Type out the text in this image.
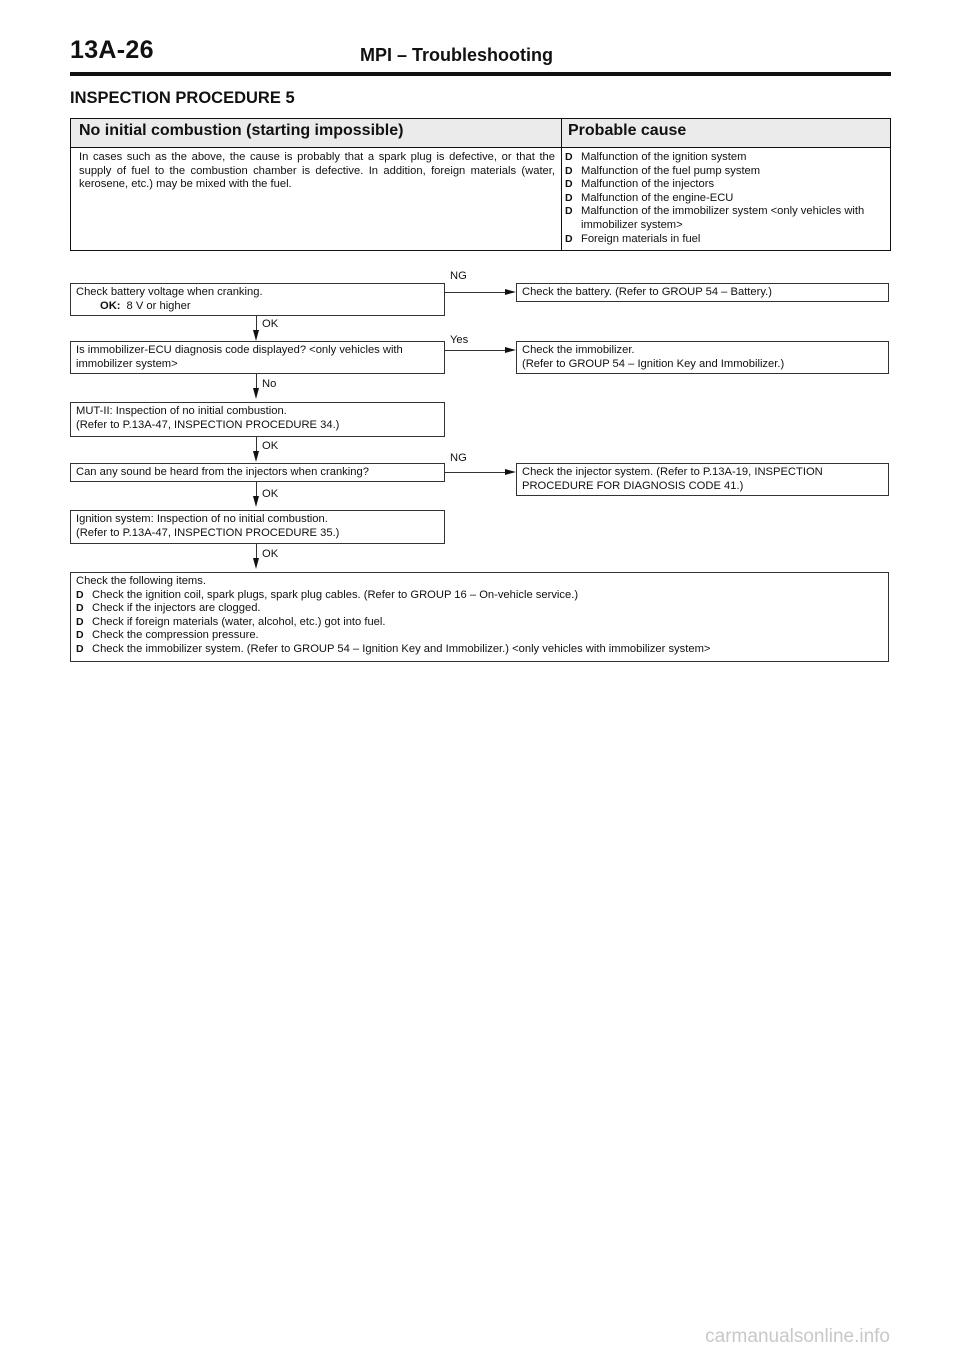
13A-26	MPI – Troubleshooting
INSPECTION PROCEDURE 5
No initial combustion (starting impossible)	Probable cause
In cases such as the above, the cause is probably that a spark plug is defective, or that the supply of fuel to the combustion chamber is defective. In addition, foreign materials (water, kerosene, etc.) may be mixed with the fuel.
D Malfunction of the ignition system
D Malfunction of the fuel pump system
D Malfunction of the injectors
D Malfunction of the engine-ECU
D Malfunction of the immobilizer system <only vehicles with immobilizer system>
D Foreign materials in fuel
Check battery voltage when cranking.
OK: 8 V or higher
NG
Check the battery. (Refer to GROUP 54 – Battery.)
OK
Is immobilizer-ECU diagnosis code displayed? <only vehicles with immobilizer system>
Yes
Check the immobilizer.
(Refer to GROUP 54 – Ignition Key and Immobilizer.)
No
MUT-II: Inspection of no initial combustion.
(Refer to P.13A-47, INSPECTION PROCEDURE 34.)
OK
Can any sound be heard from the injectors when cranking?
NG
Check the injector system. (Refer to P.13A-19, INSPECTION PROCEDURE FOR DIAGNOSIS CODE 41.)
OK
Ignition system: Inspection of no initial combustion.
(Refer to P.13A-47, INSPECTION PROCEDURE 35.)
OK
Check the following items.
D Check the ignition coil, spark plugs, spark plug cables. (Refer to GROUP 16 – On-vehicle service.)
D Check if the injectors are clogged.
D Check if foreign materials (water, alcohol, etc.) got into fuel.
D Check the compression pressure.
D Check the immobilizer system. (Refer to GROUP 54 – Ignition Key and Immobilizer.) <only vehicles with immobilizer system>
carmanualsonline.info
